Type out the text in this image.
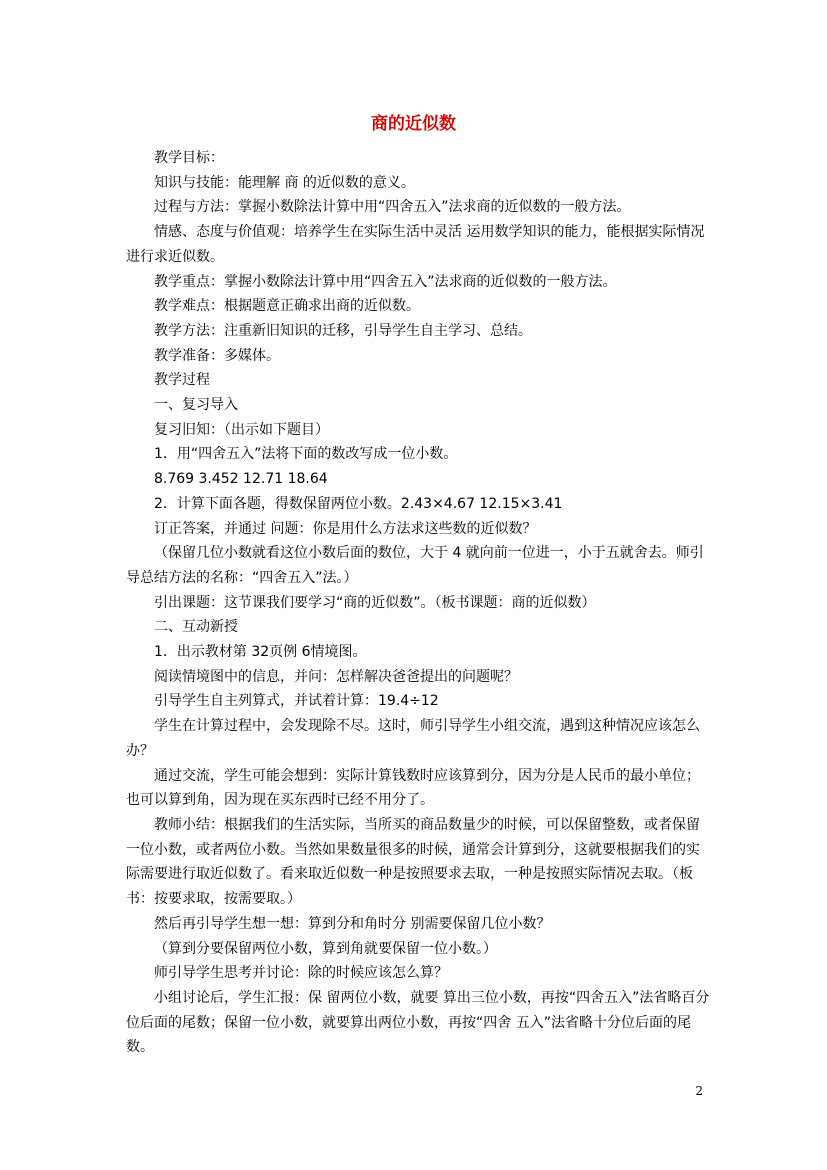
商的近似数

教学目标：

知识与技能：能理解 商 的近似数的意义。

过程与方法：掌握小数除法计算中用“四舍五入”法求商的近似数的一般方法。

情感、态度与价值观：培养学生在实际生活中灵活 运用数学知识的能力，能根据实际情况进行求近似数。

教学重点：掌握小数除法计算中用“四舍五入”法求商的近似数的一般方法。

教学难点：根据题意正确求出商的近似数。

教学方法：注重新旧知识的迁移，引导学生自主学习、总结。

教学准备：多媒体。

教学过程

一、复习导入

复习旧知：（出示如下题目）

1．用“四舍五入”法将下面的数改写成一位小数。

8.769 3.452 12.71 18.64

2．计算下面各题，得数保留两位小数。2.43×4.67 12.15×3.41

订正答案，并通过 问题：你是用什么方法求这些数的近似数？

（保留几位小数就看这位小数后面的数位，大于 4 就向前一位进一，小于五就舍去。师引导总结方法的名称：“四舍五入”法。）

引出课题：这节课我们要学习“商的近似数”。（板书课题：商的近似数）

二、互动新授

1．出示教材第 32页例 6情境图。

阅读情境图中的信息，并问：怎样解决爸爸提出的问题呢？

引导学生自主列算式，并试着计算：19.4÷12

学生在计算过程中，会发现除不尽。这时，师引导学生小组交流，遇到这种情况应该怎么办？

通过交流，学生可能会想到：实际计算钱数时应该算到分，因为分是人民币的最小单位；也可以算到角，因为现在买东西时已经不用分了。

教师小结：根据我们的生活实际，当所买的商品数量少的时候，可以保留整数，或者保留一位小数，或者两位小数。当然如果数量很多的时候，通常会计算到分，这就要根据我们的实际需要进行取近似数了。看来取近似数一种是按照要求去取，一种是按照实际情况去取。（板书：按要求取，按需要取。）

然后再引导学生想一想：算到分和角时分 别需要保留几位小数？

（算到分要保留两位小数，算到角就要保留一位小数。）

师引导学生思考并讨论：除的时候应该怎么算？

小组讨论后，学生汇报：保 留两位小数，就要 算出三位小数，再按“四舍五入”法省略百分位后面的尾数；保留一位小数，就要算出两位小数，再按“四舍 五入”法省略十分位后面的尾数。

2
